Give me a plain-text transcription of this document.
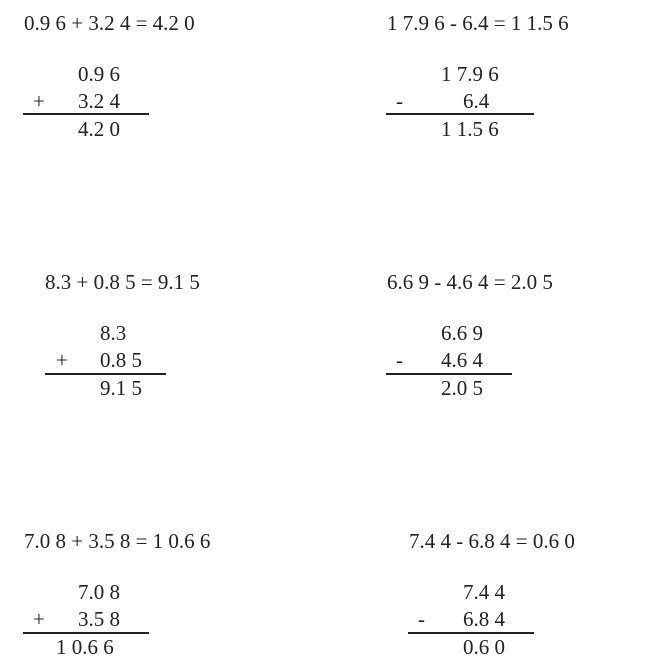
0.9 6 + 3.2 4 = 4.2 0
0.9 6
+ 3.2 4
4.2 0
1 7.9 6 - 6.4 = 1 1.5 6
1 7.9 6
-	6.4
1 1.5 6
8.3 + 0.8 5 = 9.1 5
8.3
+ 0.8 5
9.1 5
6.6 9 - 4.6 4 = 2.0 5
6.6 9
- 4.6 4
2.0 5
7.0 8 + 3.5 8 = 1 0.6 6
7.0 8
+ 3.5 8
1 0.6 6
7.4 4 - 6.8 4 = 0.6 0
7.4 4
- 6.8 4
0.6 0
